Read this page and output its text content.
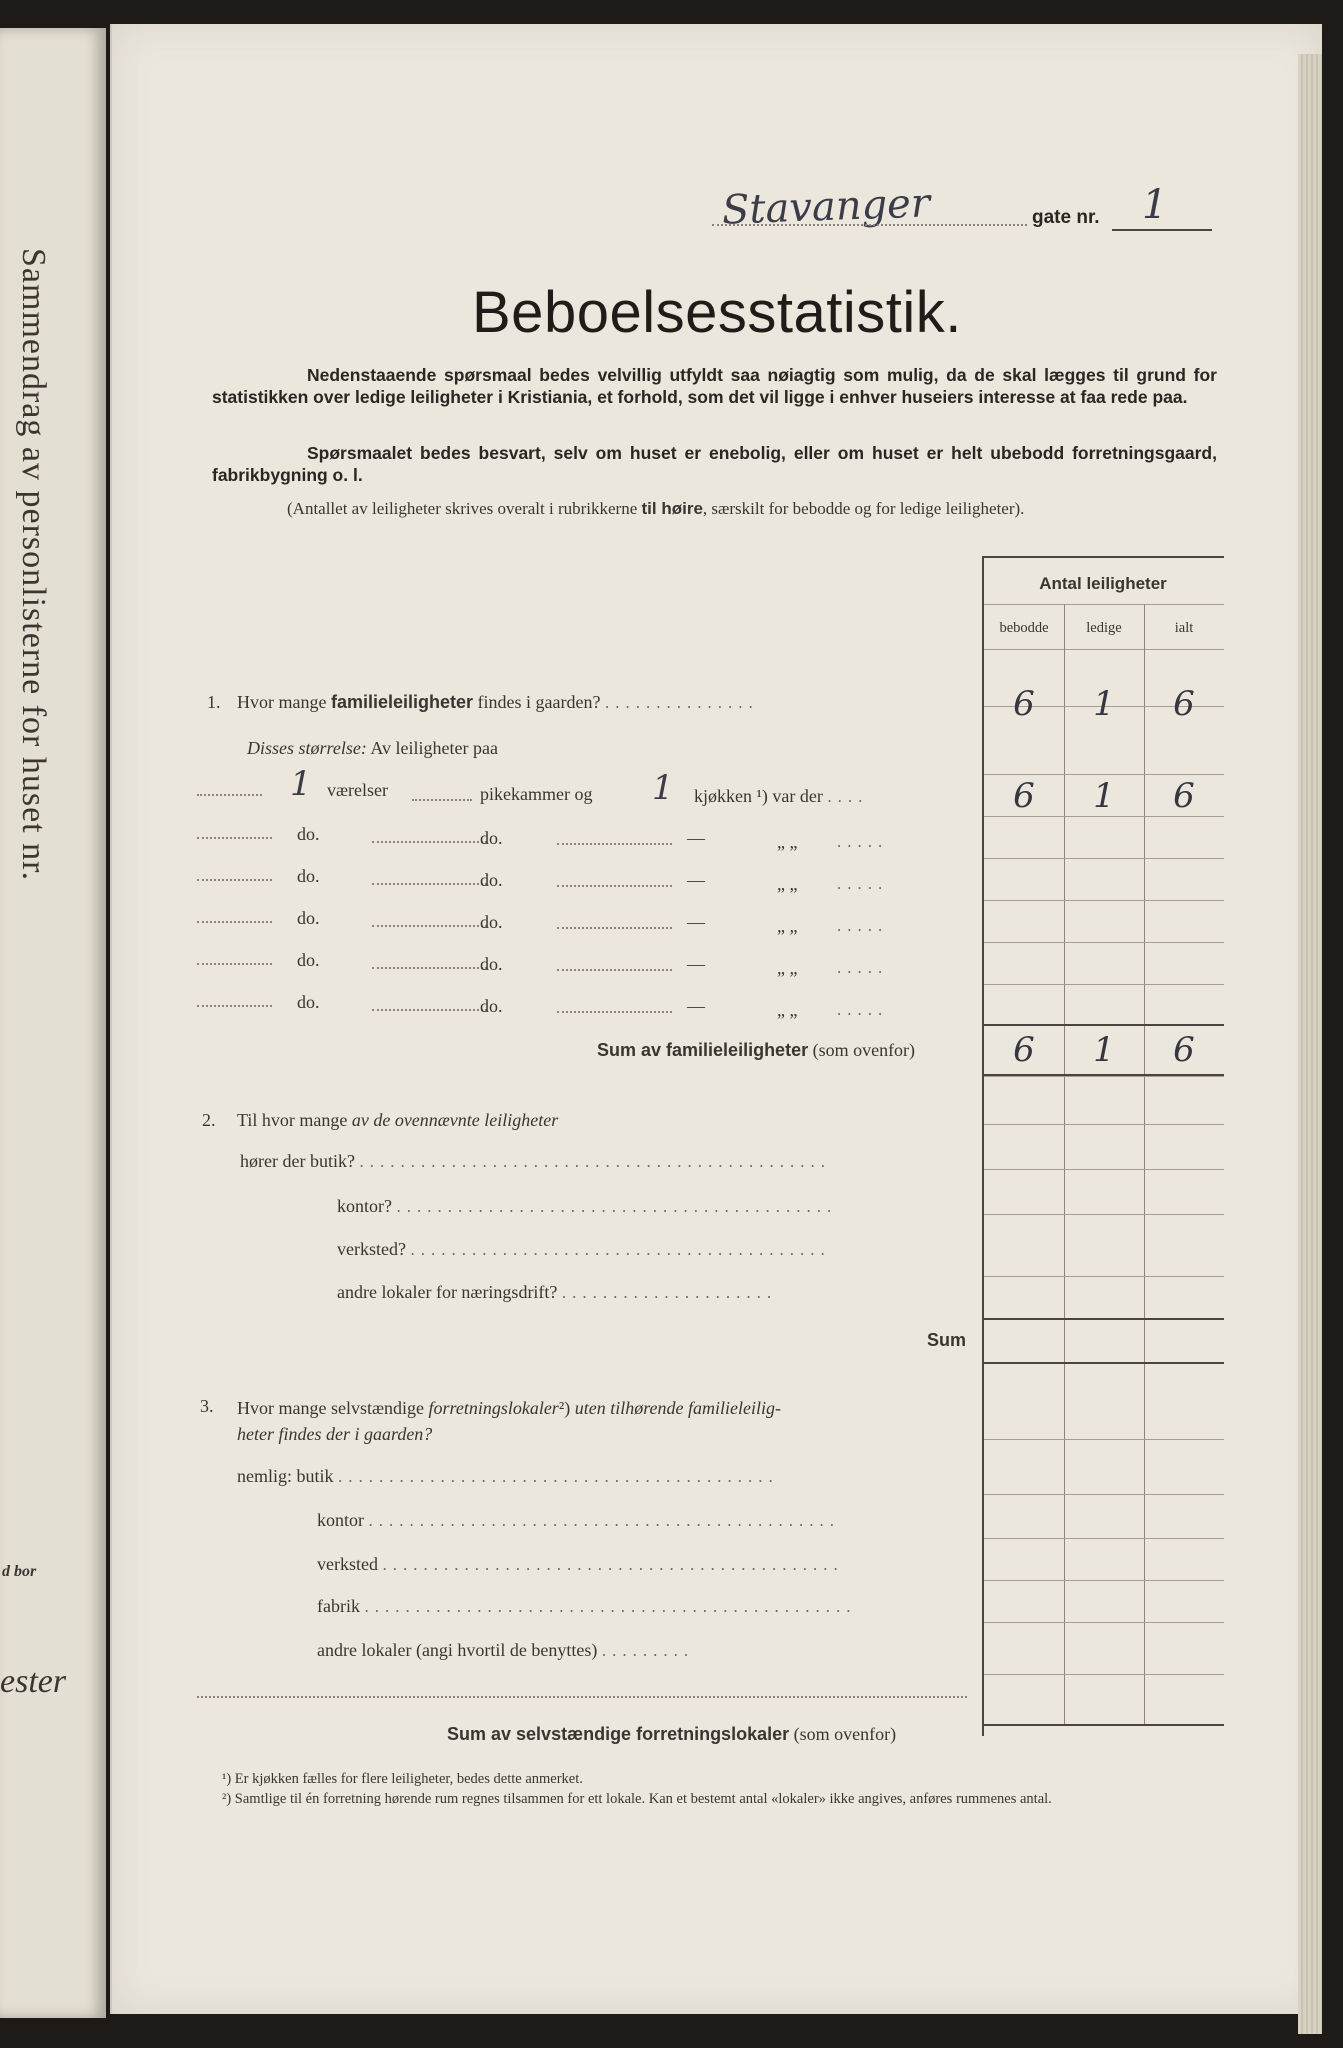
Sammendrag av personlisterne for huset nr.
d bor
ester
Stavanger	gate nr. 1
Beboelsesstatistik.
Nedenstaaende spørsmaal bedes velvillig utfyldt saa nøiagtig som mulig, da de skal lægges til grund for statistikken over ledige leiligheter i Kristiania, et forhold, som det vil ligge i enhver huseiers interesse at faa rede paa.
Spørsmaalet bedes besvart, selv om huset er enebolig, eller om huset er helt ubebodd forretningsgaard, fabrikbygning o. l.
(Antallet av leiligheter skrives overalt i rubrikkerne til høire, særskilt for bebodde og for ledige leiligheter).
Antal leiligheter
bebodde	ledige	ialt
1. Hvor mange familieleiligheter findes i gaarden? ...............	6	1	6
Disses størrelse: Av leiligheter paa
1 værelser	pikekammer og 1 kjøkken ¹) var der ....	6	1	6
do.	do.	—	„ „ .....
do.	do.	—	„ „ .....
do.	do.	—	„ „ .....
do.	do.	—	„ „ .....
do.	do.	—	„ „ .....
Sum av familieleiligheter (som ovenfor)	6	1	6
2. Til hvor mange av de ovennævnte leiligheter
hører der butik? ..............................................
kontor? ...........................................
verksted? .........................................
andre lokaler for næringsdrift? .....................
Sum
3. Hvor mange selvstændige forretningslokaler²) uten tilhørende familieleilig-
heter findes der i gaarden?
nemlig: butik ...........................................
kontor ..............................................
verksted .............................................
fabrik ................................................
andre lokaler (angi hvortil de benyttes) .........
Sum av selvstændige forretningslokaler (som ovenfor)
¹) Er kjøkken fælles for flere leiligheter, bedes dette anmerket.
²) Samtlige til én forretning hørende rum regnes tilsammen for ett lokale. Kan et bestemt antal «lokaler» ikke angives, anføres rummenes antal.
